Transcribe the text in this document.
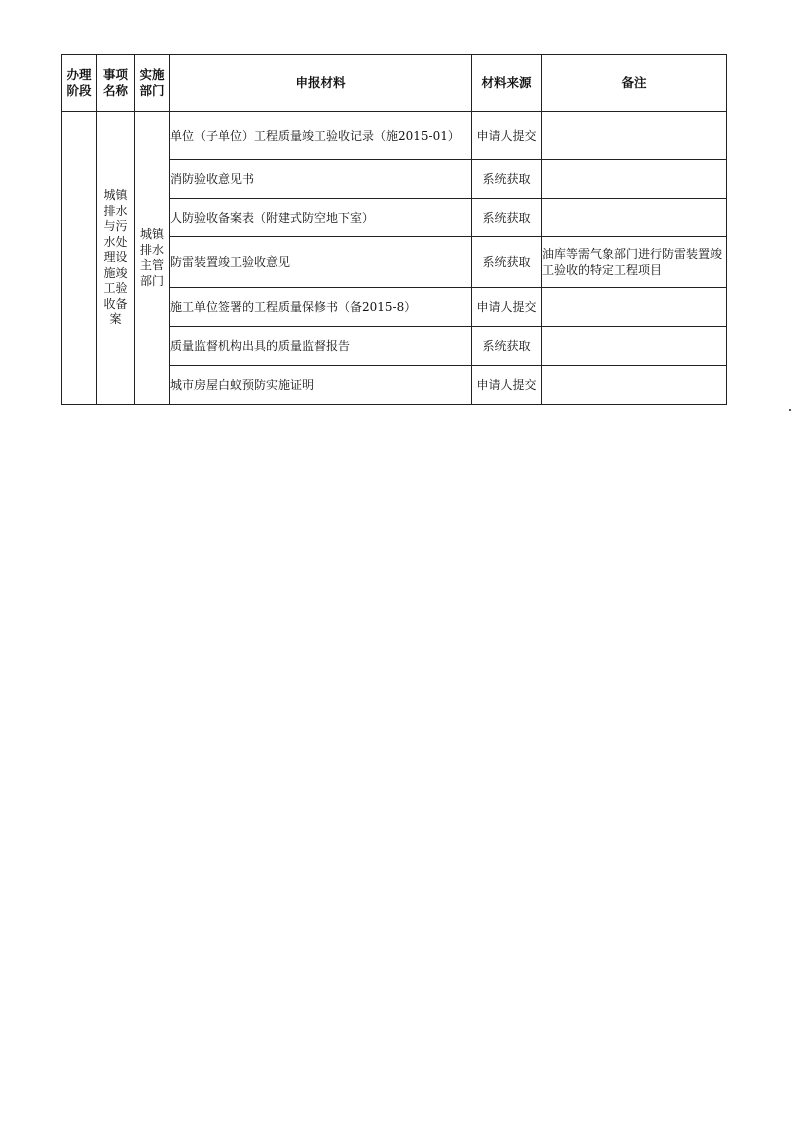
办理阶段	事项名称	实施部门	申报材料	材料来源	备注

	城镇排水与污水处理设施竣工验收备案	城镇排水主管部门	单位（子单位）工程质量竣工验收记录（施2015-01）	申请人提交	
			消防验收意见书	系统获取	
			人防验收备案表（附建式防空地下室）	系统获取	
			防雷装置竣工验收意见	系统获取	油库等需气象部门进行防雷装置竣工验收的特定工程项目
			施工单位签署的工程质量保修书（备2015-8）	申请人提交	
			质量监督机构出具的质量监督报告	系统获取	
			城市房屋白蚁预防实施证明	申请人提交	
